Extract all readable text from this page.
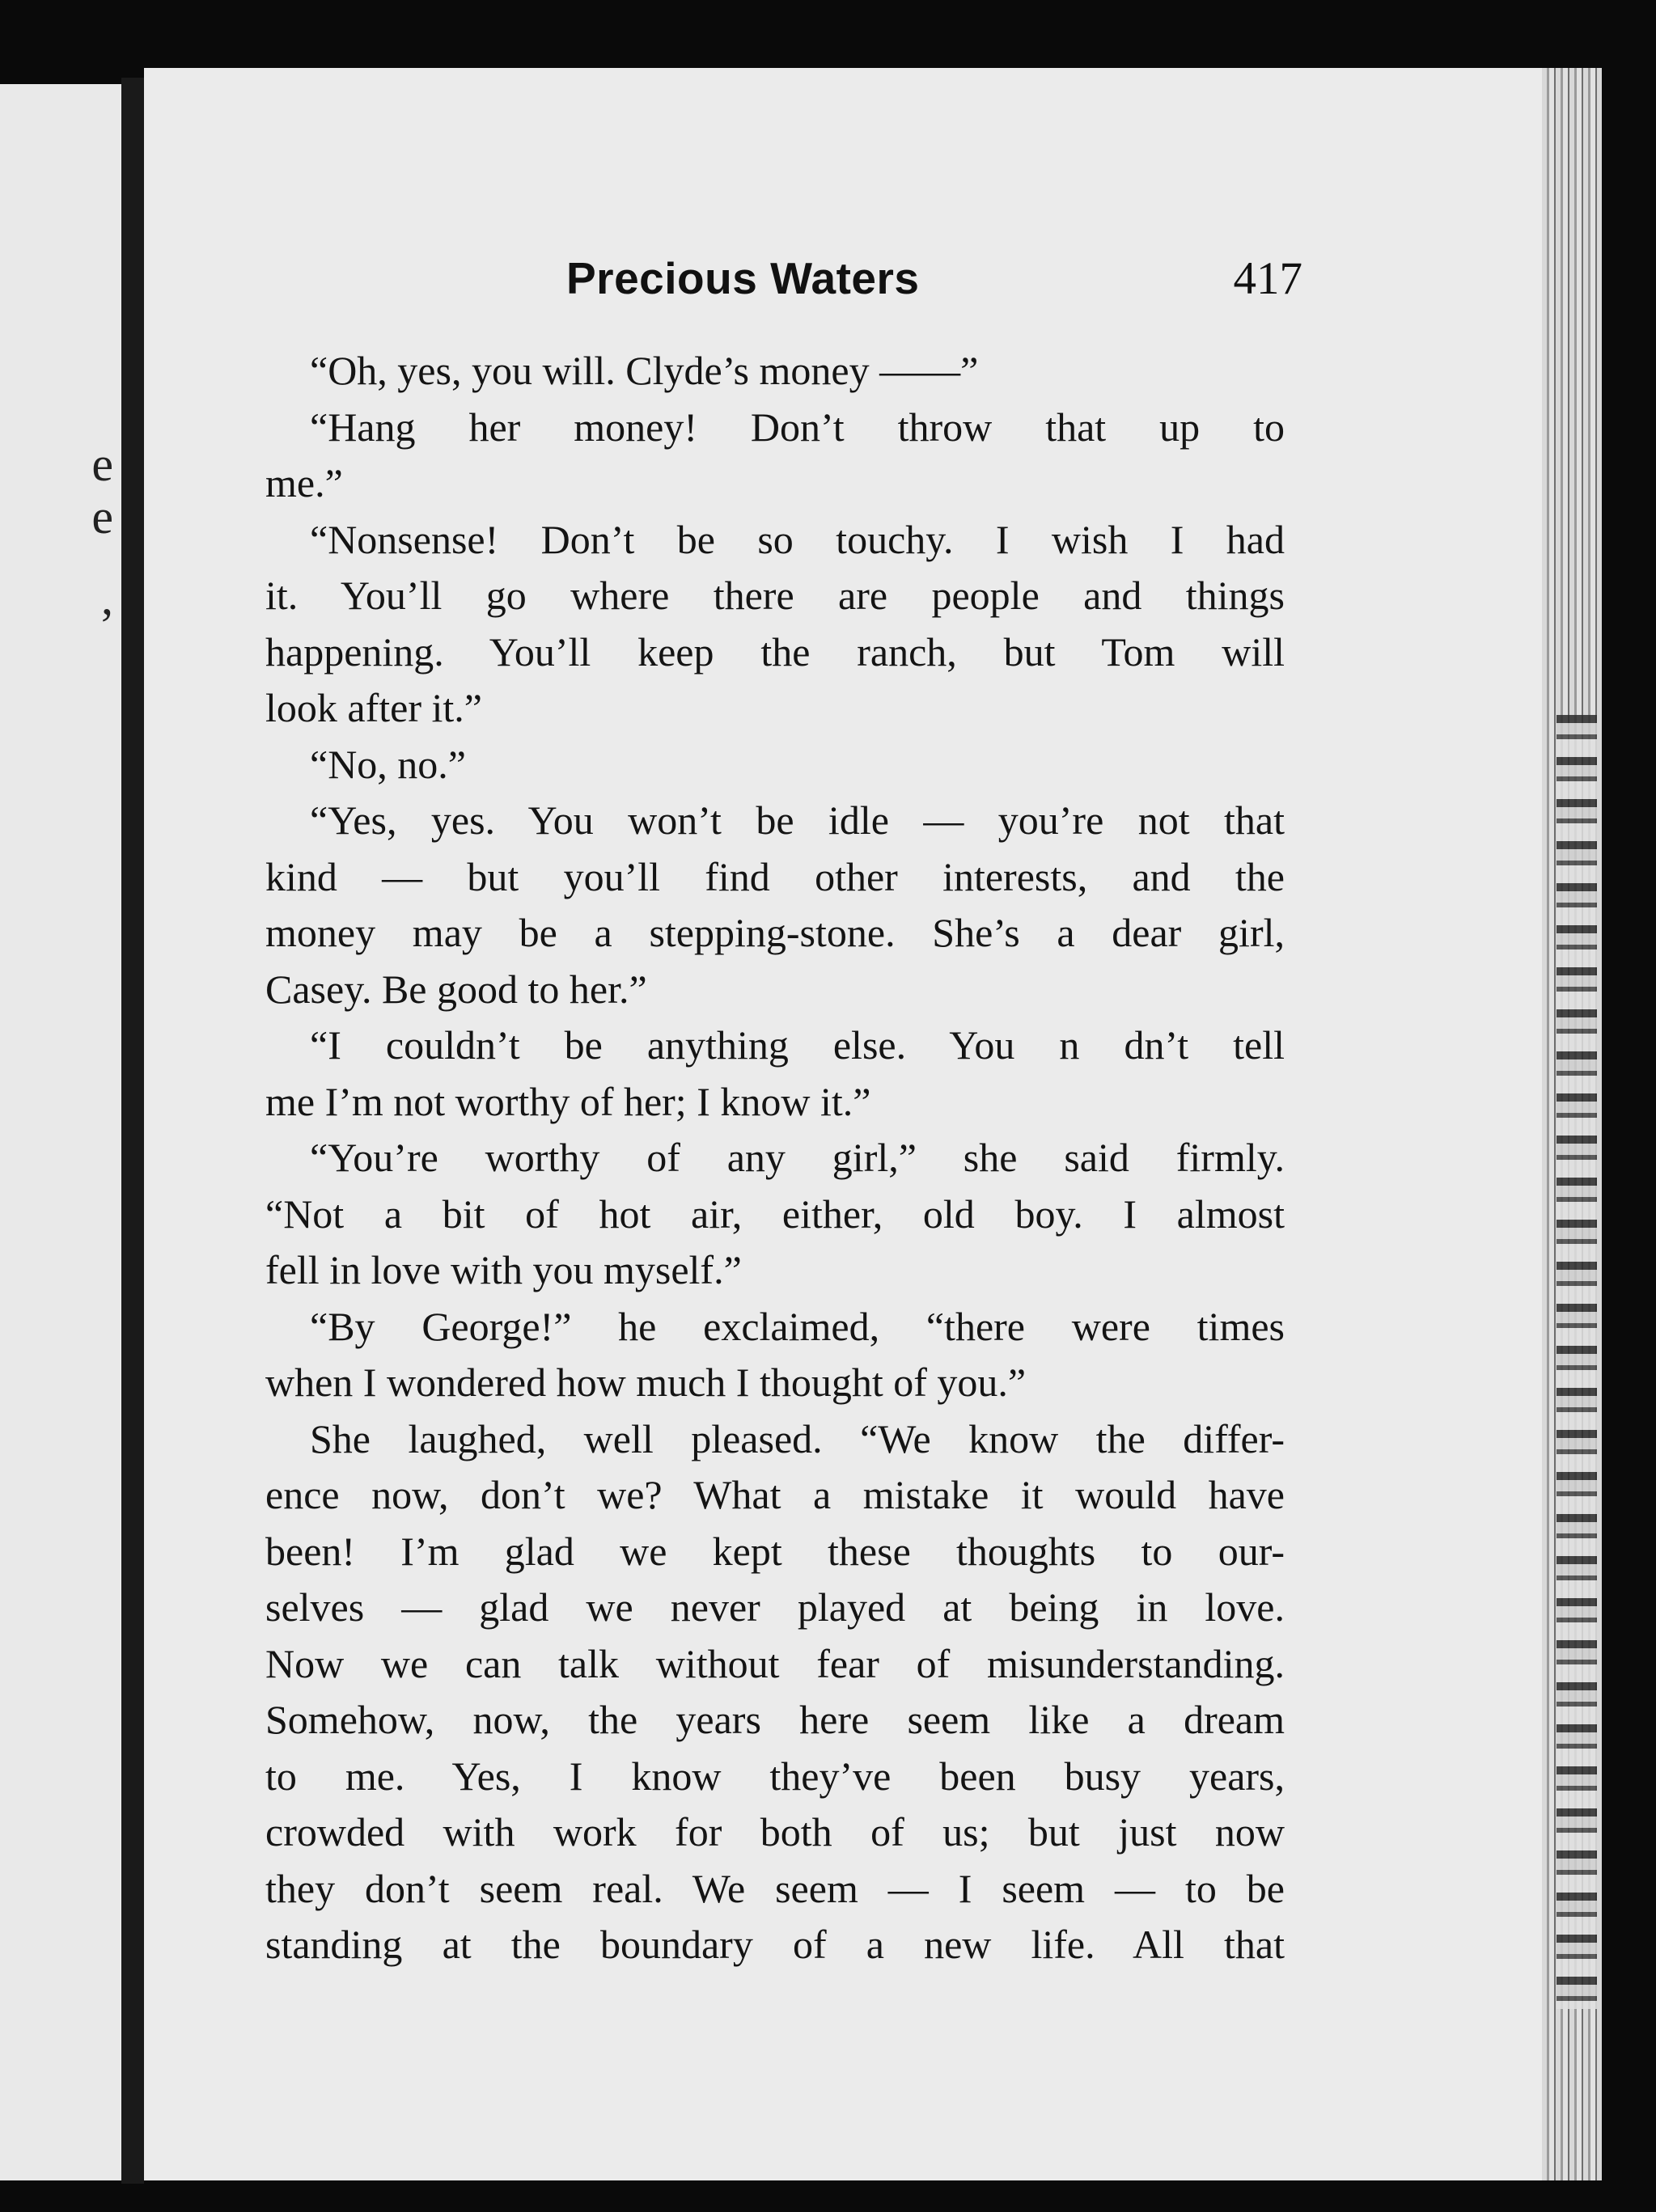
e
e
,
Precious Waters	417
“Oh, yes, you will. Clyde’s money ——”
“Hang her money! Don’t throw that up to
me.”
“Nonsense! Don’t be so touchy. I wish I had
it. You’ll go where there are people and things
happening. You’ll keep the ranch, but Tom will
look after it.”
“No, no.”
“Yes, yes. You won’t be idle — you’re not that
kind — but you’ll find other interests, and the
money may be a stepping-stone. She’s a dear girl,
Casey. Be good to her.”
“I couldn’t be anything else. You n dn’t tell
me I’m not worthy of her; I know it.”
“You’re worthy of any girl,” she said firmly.
“Not a bit of hot air, either, old boy. I almost
fell in love with you myself.”
“By George!” he exclaimed, “there were times
when I wondered how much I thought of you.”
She laughed, well pleased. “We know the differ-
ence now, don’t we? What a mistake it would have
been! I’m glad we kept these thoughts to our-
selves — glad we never played at being in love.
Now we can talk without fear of misunderstanding.
Somehow, now, the years here seem like a dream
to me. Yes, I know they’ve been busy years,
crowded with work for both of us; but just now
they don’t seem real. We seem — I seem — to be
standing at the boundary of a new life. All that
